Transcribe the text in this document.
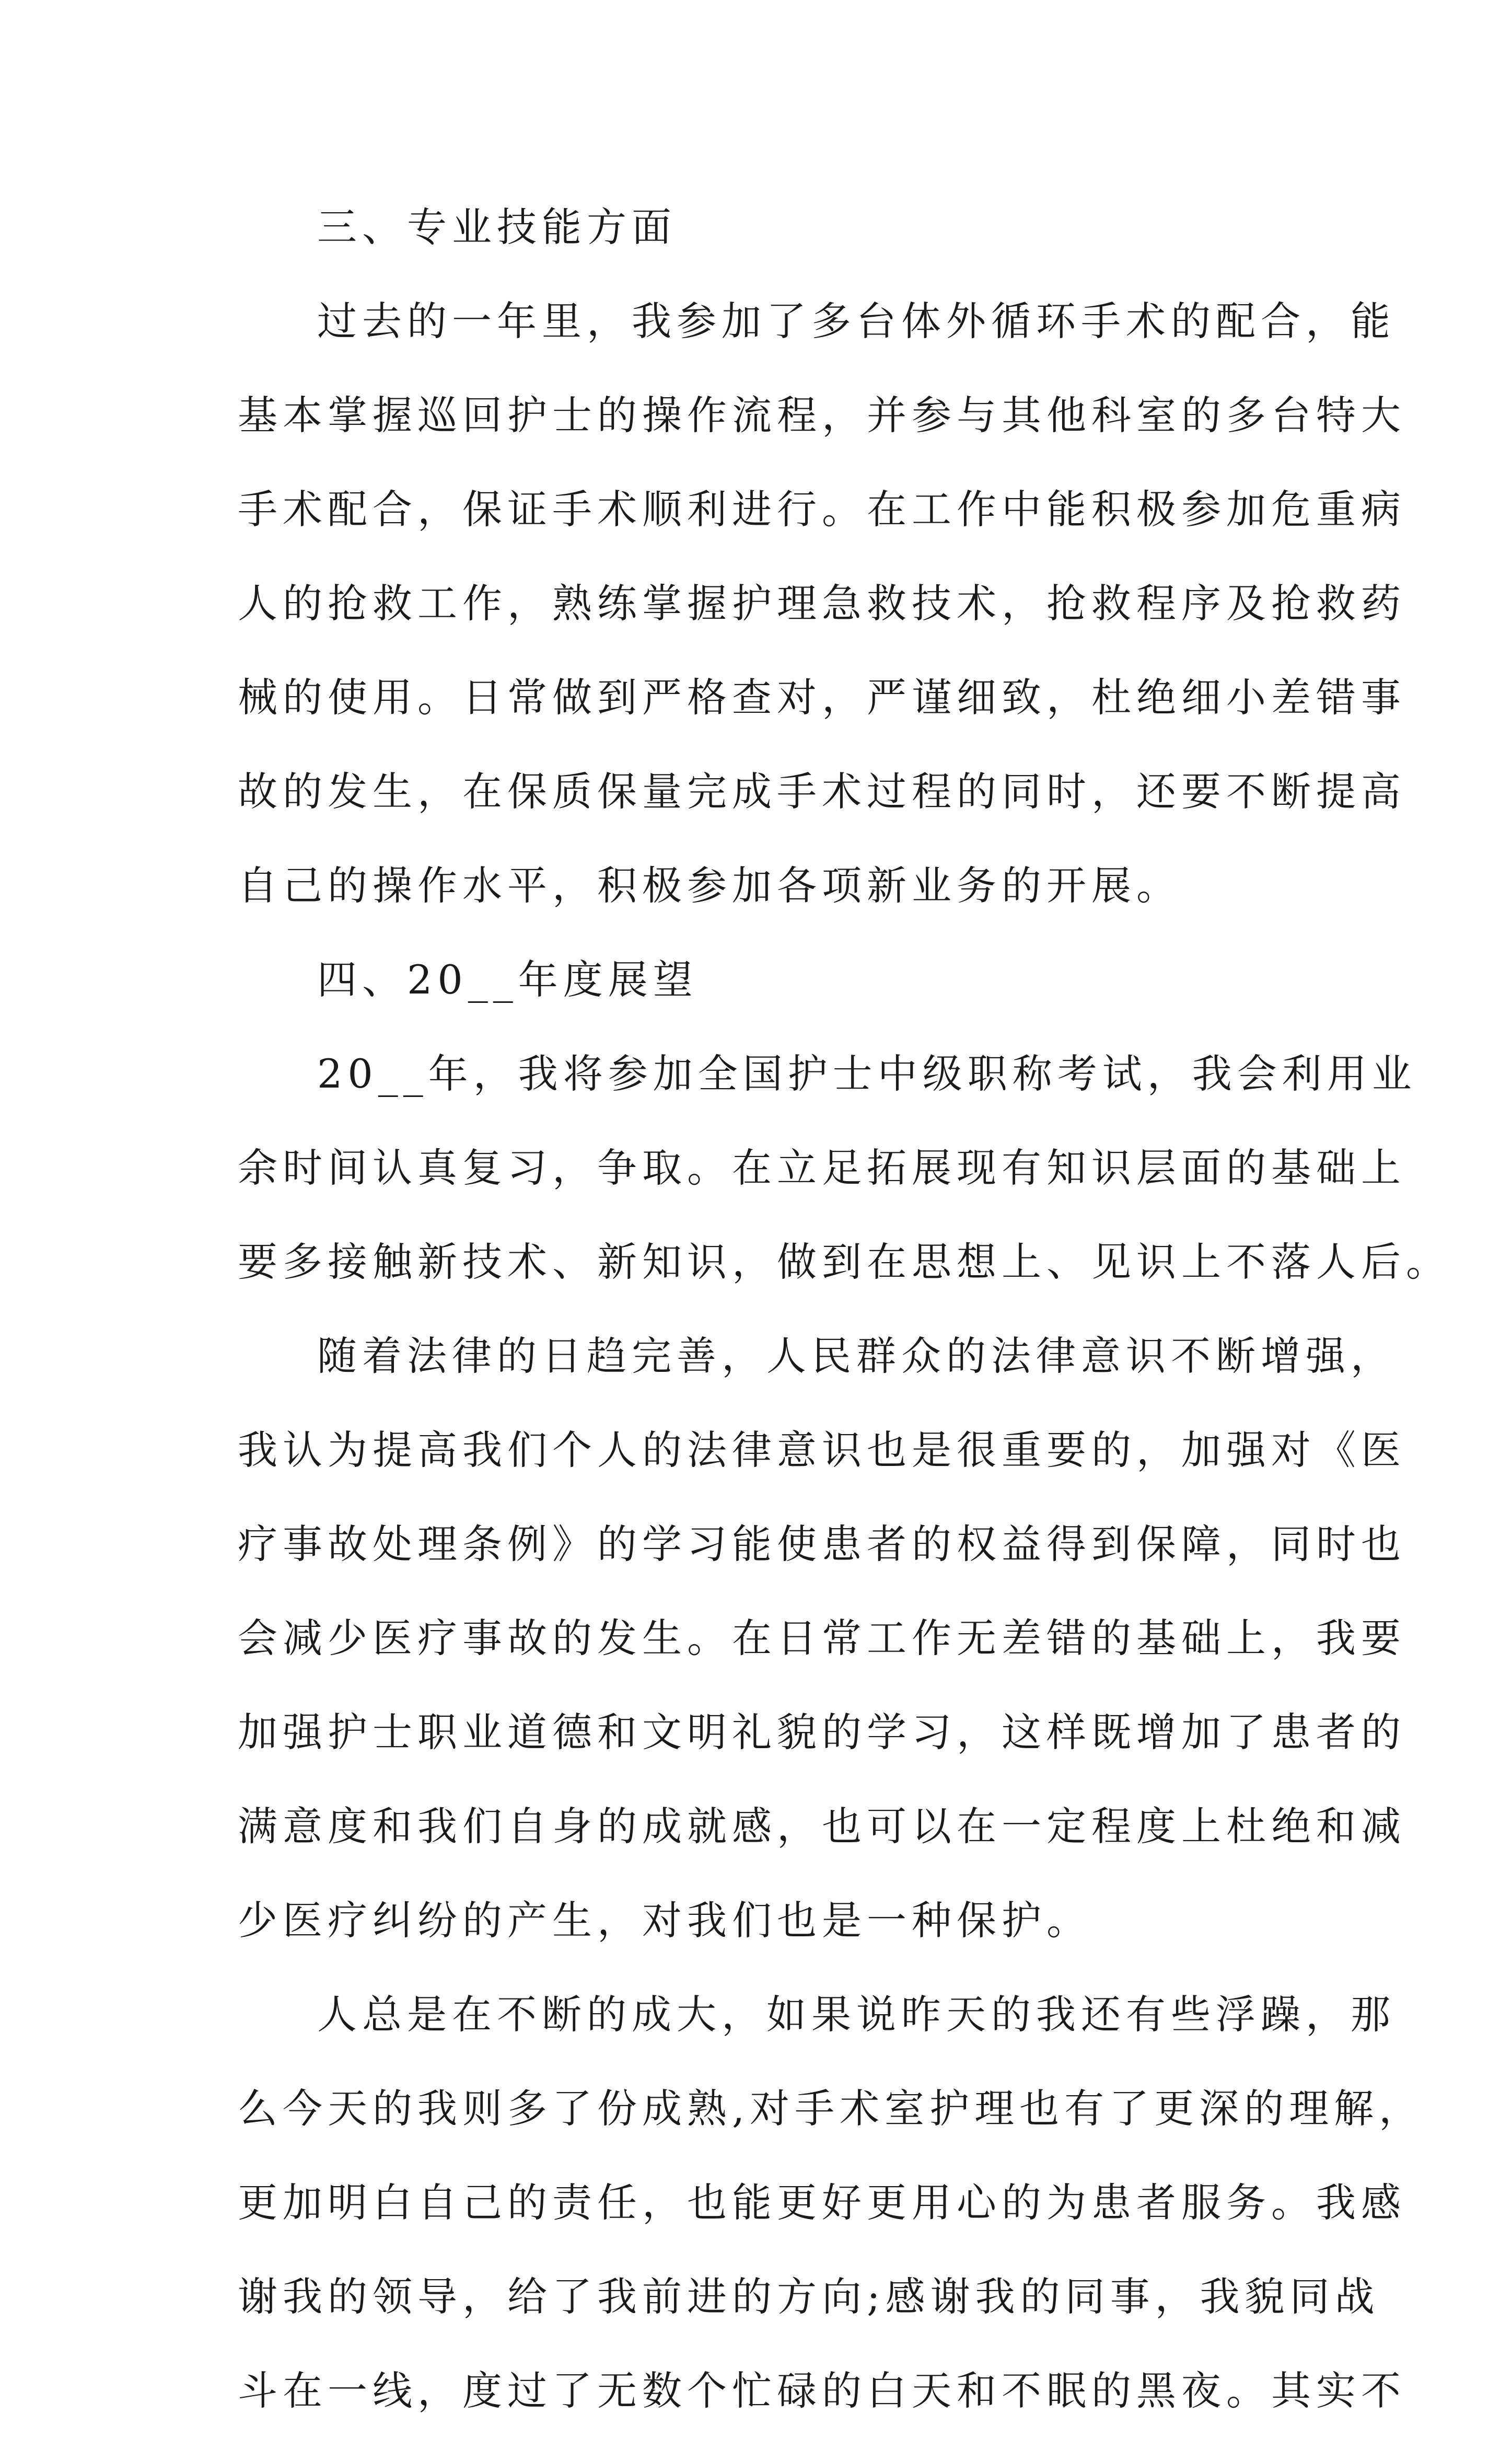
三、专业技能方面
过去的一年里，我参加了多台体外循环手术的配合，能
基本掌握巡回护士的操作流程，并参与其他科室的多台特大
手术配合，保证手术顺利进行。在工作中能积极参加危重病
人的抢救工作，熟练掌握护理急救技术，抢救程序及抢救药
械的使用。日常做到严格查对，严谨细致，杜绝细小差错事
故的发生，在保质保量完成手术过程的同时，还要不断提高
自己的操作水平，积极参加各项新业务的开展。
四、20__年度展望
20__年，我将参加全国护士中级职称考试，我会利用业
余时间认真复习，争取。在立足拓展现有知识层面的基础上
要多接触新技术、新知识，做到在思想上、见识上不落人后。
随着法律的日趋完善，人民群众的法律意识不断增强，
我认为提高我们个人的法律意识也是很重要的，加强对《医
疗事故处理条例》的学习能使患者的权益得到保障，同时也
会减少医疗事故的发生。在日常工作无差错的基础上，我要
加强护士职业道德和文明礼貌的学习，这样既增加了患者的
满意度和我们自身的成就感，也可以在一定程度上杜绝和减
少医疗纠纷的产生，对我们也是一种保护。
人总是在不断的成大，如果说昨天的我还有些浮躁，那
么今天的我则多了份成熟,对手术室护理也有了更深的理解，
更加明白自己的责任，也能更好更用心的为患者服务。我感
谢我的领导，给了我前进的方向;感谢我的同事，我貌同战
斗在一线，度过了无数个忙碌的白天和不眠的黑夜。其实不
